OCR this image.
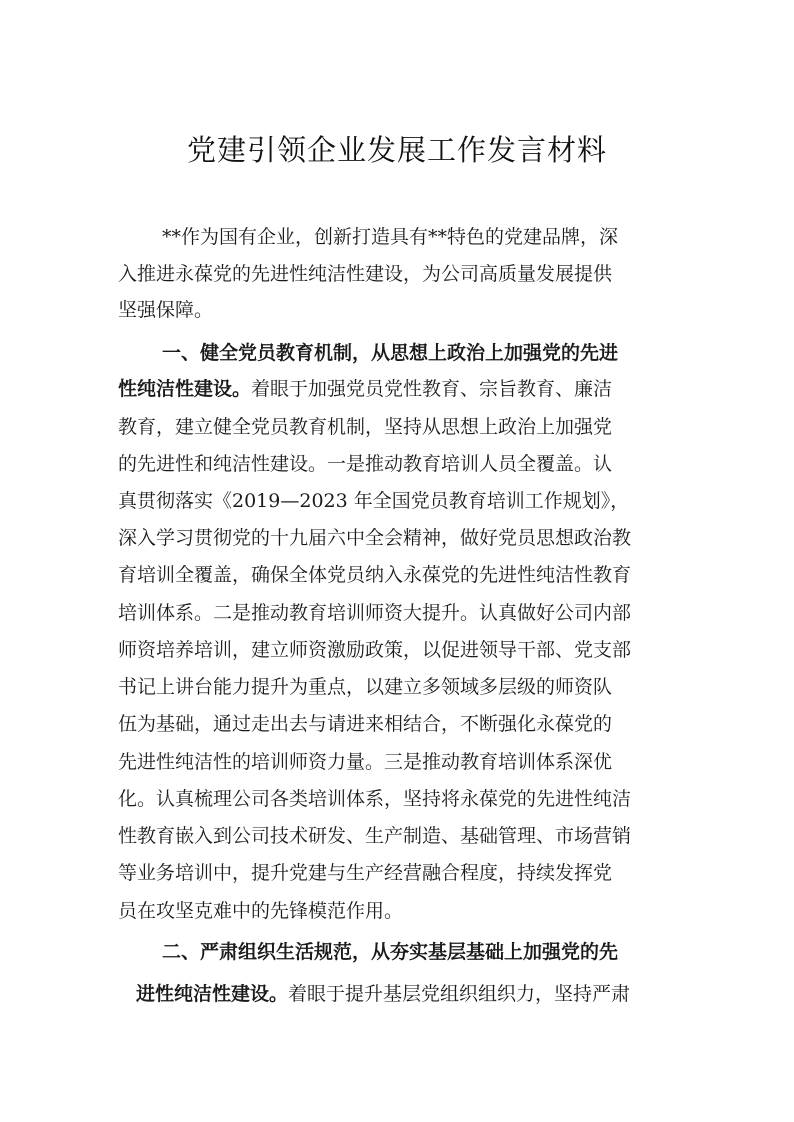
党建引领企业发展工作发言材料
**作为国有企业，创新打造具有**特色的党建品牌，深
入推进永葆党的先进性纯洁性建设，为公司高质量发展提供
坚强保障。
一、健全党员教育机制，从思想上政治上加强党的先进
性纯洁性建设。着眼于加强党员党性教育、宗旨教育、廉洁
教育，建立健全党员教育机制，坚持从思想上政治上加强党
的先进性和纯洁性建设。一是推动教育培训人员全覆盖。认
真贯彻落实《2019—2023 年全国党员教育培训工作规划》，
深入学习贯彻党的十九届六中全会精神，做好党员思想政治教
育培训全覆盖，确保全体党员纳入永葆党的先进性纯洁性教育
培训体系。二是推动教育培训师资大提升。认真做好公司内部
师资培养培训，建立师资激励政策，以促进领导干部、党支部
书记上讲台能力提升为重点，以建立多领域多层级的师资队
伍为基础，通过走出去与请进来相结合，不断强化永葆党的
先进性纯洁性的培训师资力量。三是推动教育培训体系深优
化。认真梳理公司各类培训体系，坚持将永葆党的先进性纯洁
性教育嵌入到公司技术研发、生产制造、基础管理、市场营销
等业务培训中，提升党建与生产经营融合程度，持续发挥党
员在攻坚克难中的先锋模范作用。
二、严肃组织生活规范，从夯实基层基础上加强党的先
进性纯洁性建设。着眼于提升基层党组织组织力，坚持严肃
